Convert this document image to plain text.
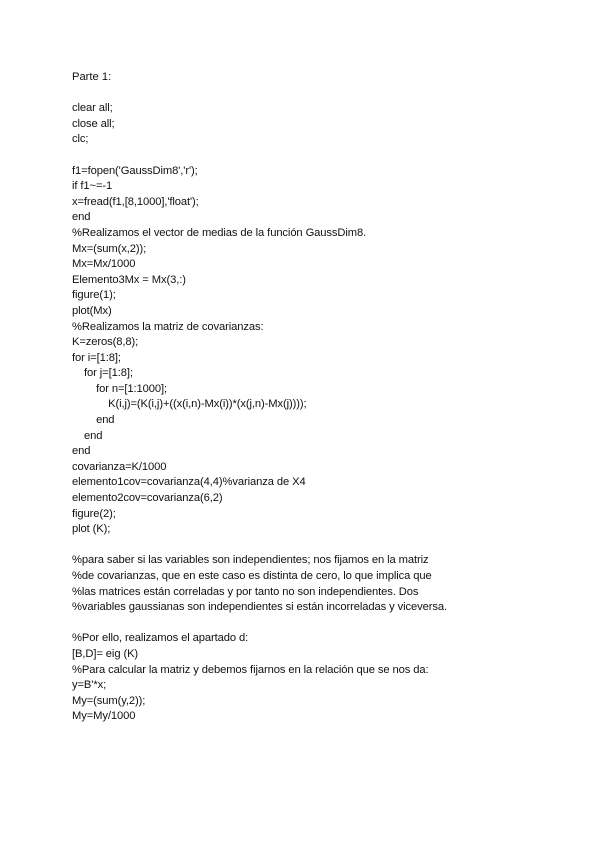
Parte 1:
clear all;
close all;
clc;
f1=fopen('GaussDim8','r');
if f1~=-1
x=fread(f1,[8,1000],'float');
end
%Realizamos el vector de medias de la función GaussDim8.
Mx=(sum(x,2));
Mx=Mx/1000
Elemento3Mx = Mx(3,:)
figure(1);
plot(Mx)
%Realizamos la matriz de covarianzas:
K=zeros(8,8);
for i=[1:8];
for j=[1:8];
for n=[1:1000];
K(i,j)=(K(i,j)+((x(i,n)-Mx(i))*(x(j,n)-Mx(j))));
end
end
end
covarianza=K/1000
elemento1cov=covarianza(4,4)%varianza de X4
elemento2cov=covarianza(6,2)
figure(2);
plot (K);
%para saber si las variables son independientes; nos fijamos en la matriz
%de covarianzas, que en este caso es distinta de cero, lo que implica que
%las matrices están correladas y por tanto no son independientes. Dos
%variables gaussianas son independientes si están incorreladas y viceversa.
%Por ello, realizamos el apartado d:
[B,D]= eig (K)
%Para calcular la matriz y debemos fijarnos en la relación que se nos da:
y=B'*x;
My=(sum(y,2));
My=My/1000
